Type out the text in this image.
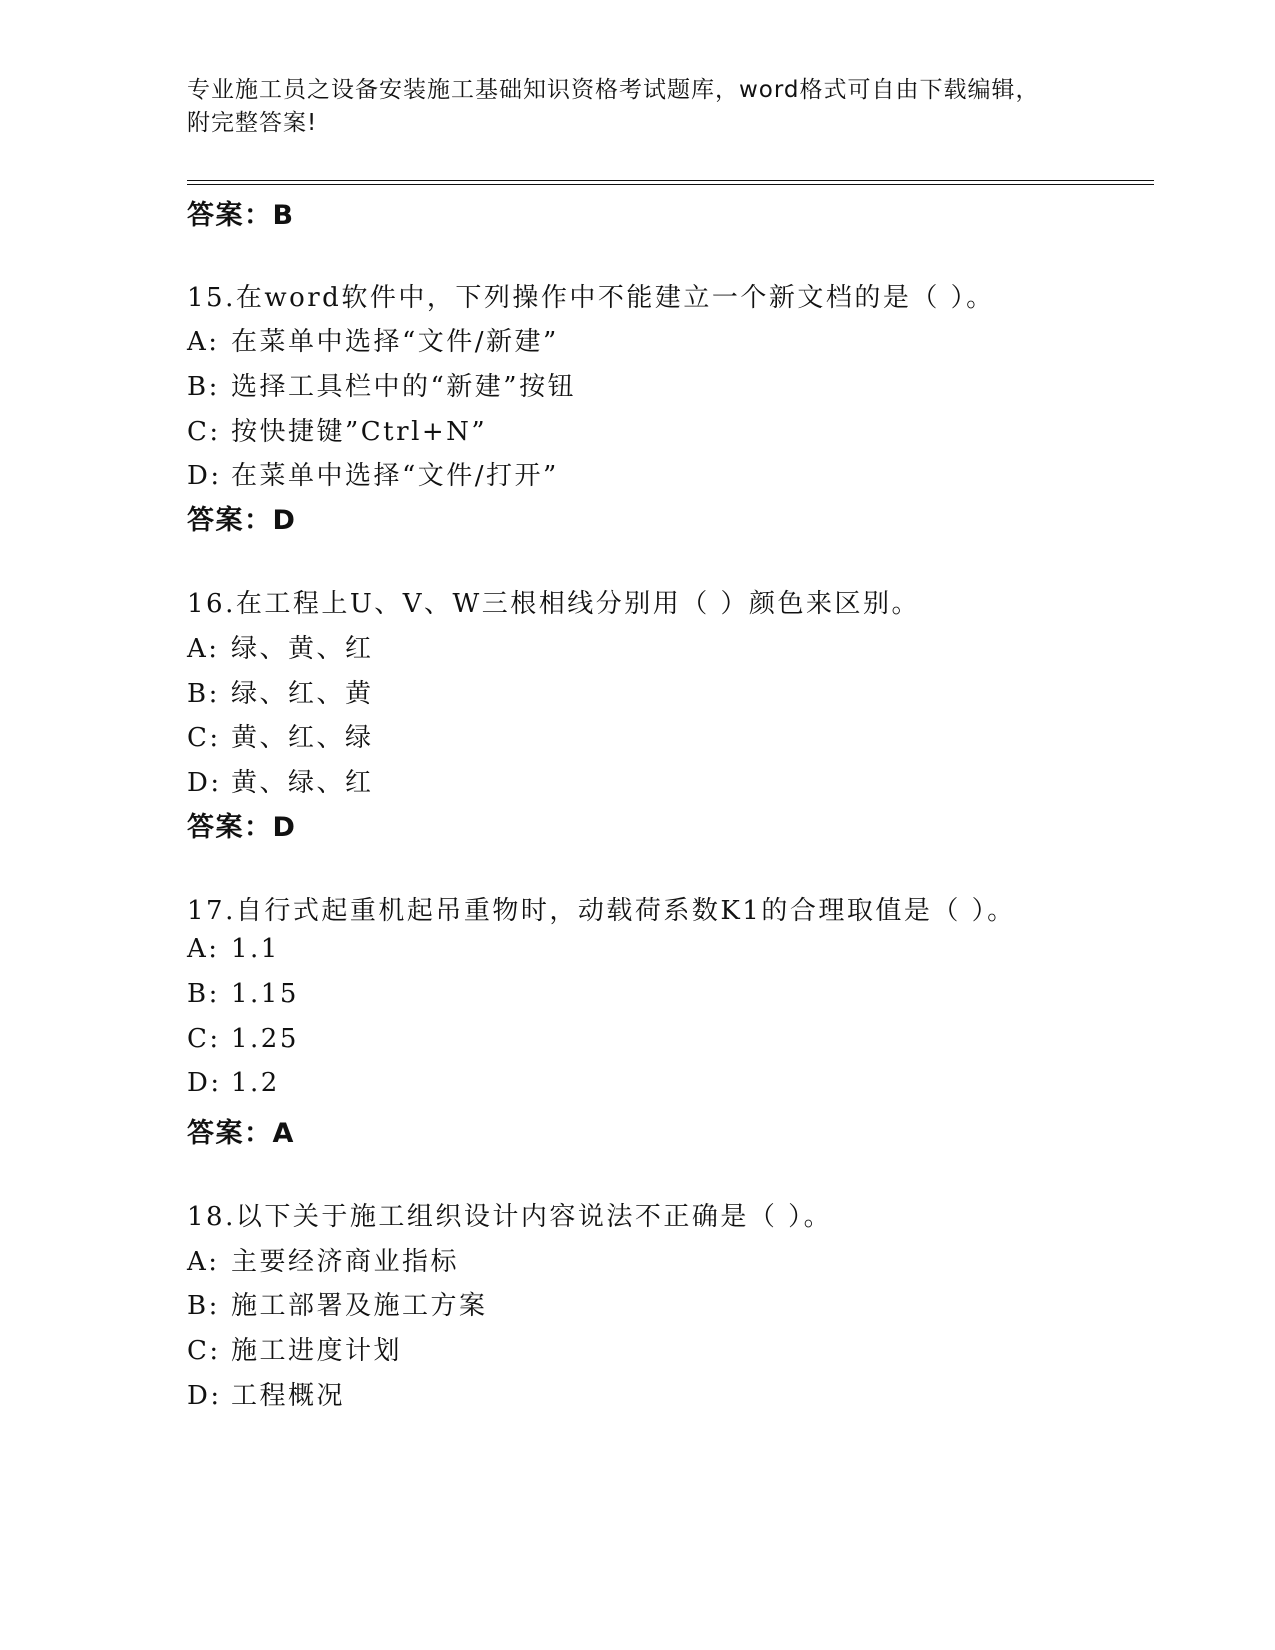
专业施工员之设备安装施工基础知识资格考试题库，word格式可自由下载编辑，
附完整答案!
答案：B
15.在word软件中，下列操作中不能建立一个新文档的是（ ）。
A: 在菜单中选择“文件/新建”
B: 选择工具栏中的“新建”按钮
C: 按快捷键”Ctrl+N”
D: 在菜单中选择“文件/打开”
答案：D
16.在工程上U、V、W三根相线分别用（ ）颜色来区别。
A: 绿、黄、红
B: 绿、红、黄
C: 黄、红、绿
D: 黄、绿、红
答案：D
17.自行式起重机起吊重物时，动载荷系数K1的合理取值是（ ）。
A: 1.1
B: 1.15
C: 1.25
D: 1.2
答案：A
18.以下关于施工组织设计内容说法不正确是（ ）。
A: 主要经济商业指标
B: 施工部署及施工方案
C: 施工进度计划
D: 工程概况
